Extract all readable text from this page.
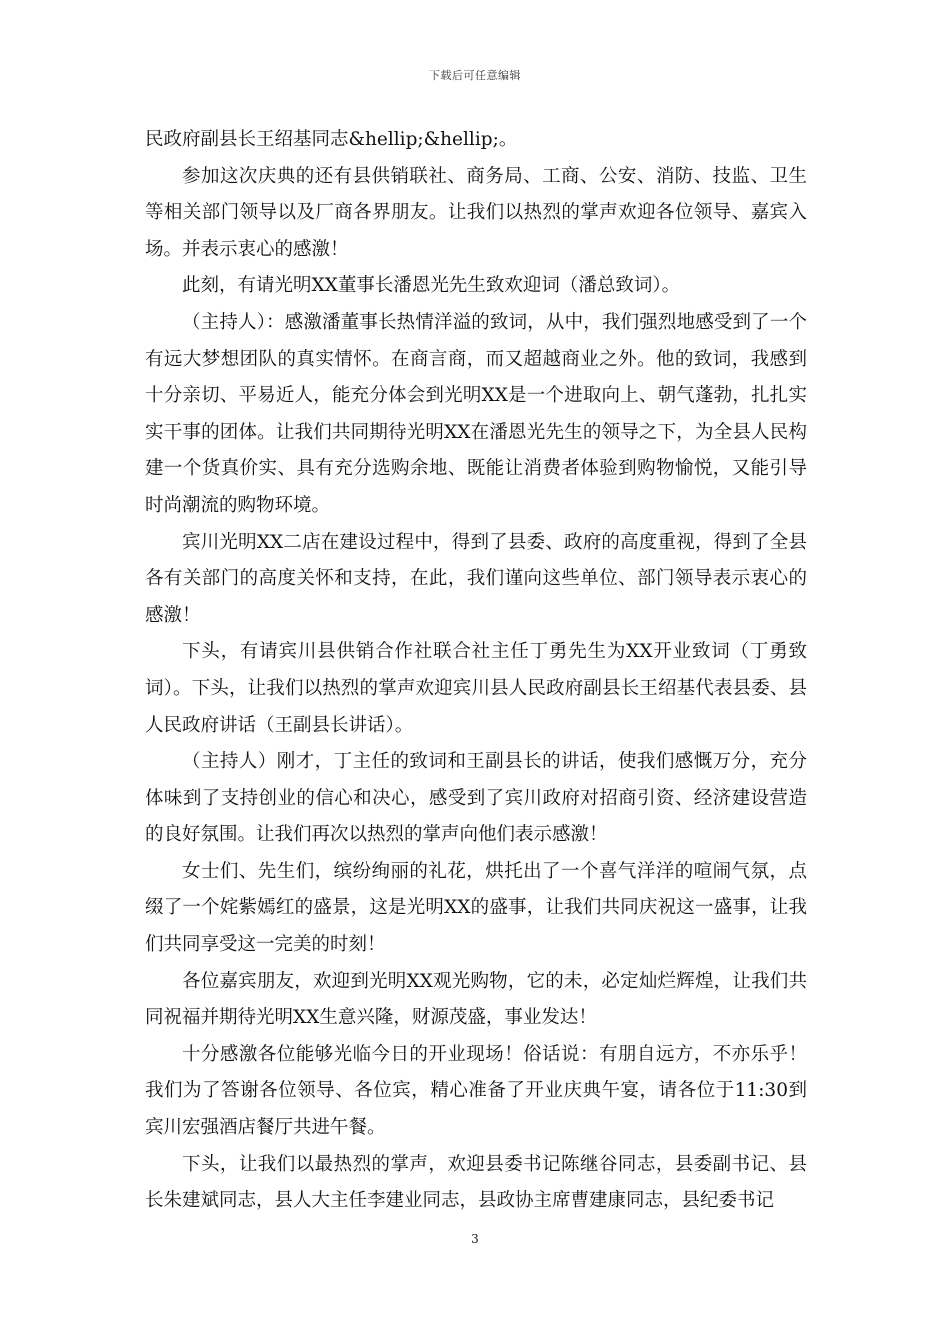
下载后可任意编辑

民政府副县长王绍基同志&hellip;&hellip;。

参加这次庆典的还有县供销联社、商务局、工商、公安、消防、技监、卫生等相关部门领导以及厂商各界朋友。让我们以热烈的掌声欢迎各位领导、嘉宾入场。并表示衷心的感激！

此刻，有请光明XX董事长潘恩光先生致欢迎词（潘总致词）。

（主持人）：感激潘董事长热情洋溢的致词，从中，我们强烈地感受到了一个有远大梦想团队的真实情怀。在商言商，而又超越商业之外。他的致词，我感到十分亲切、平易近人，能充分体会到光明XX是一个进取向上、朝气蓬勃，扎扎实实干事的团体。让我们共同期待光明XX在潘恩光先生的领导之下，为全县人民构建一个货真价实、具有充分选购余地、既能让消费者体验到购物愉悦，又能引导时尚潮流的购物环境。

宾川光明XX二店在建设过程中，得到了县委、政府的高度重视，得到了全县各有关部门的高度关怀和支持，在此，我们谨向这些单位、部门领导表示衷心的感激！

下头，有请宾川县供销合作社联合社主任丁勇先生为XX开业致词（丁勇致词）。下头，让我们以热烈的掌声欢迎宾川县人民政府副县长王绍基代表县委、县人民政府讲话（王副县长讲话）。

（主持人）刚才，丁主任的致词和王副县长的讲话，使我们感慨万分，充分体味到了支持创业的信心和决心，感受到了宾川政府对招商引资、经济建设营造的良好氛围。让我们再次以热烈的掌声向他们表示感激！

女士们、先生们，缤纷绚丽的礼花，烘托出了一个喜气洋洋的喧闹气氛，点缀了一个姹紫嫣红的盛景，这是光明XX的盛事，让我们共同庆祝这一盛事，让我们共同享受这一完美的时刻！

各位嘉宾朋友，欢迎到光明XX观光购物，它的未，必定灿烂辉煌，让我们共同祝福并期待光明XX生意兴隆，财源茂盛，事业发达！

十分感激各位能够光临今日的开业现场！俗话说：有朋自远方，不亦乐乎！我们为了答谢各位领导、各位宾，精心准备了开业庆典午宴，请各位于11:30到宾川宏强酒店餐厅共进午餐。

下头，让我们以最热烈的掌声，欢迎县委书记陈继谷同志，县委副书记、县长朱建斌同志，县人大主任李建业同志，县政协主席曹建康同志，县纪委书记

3
